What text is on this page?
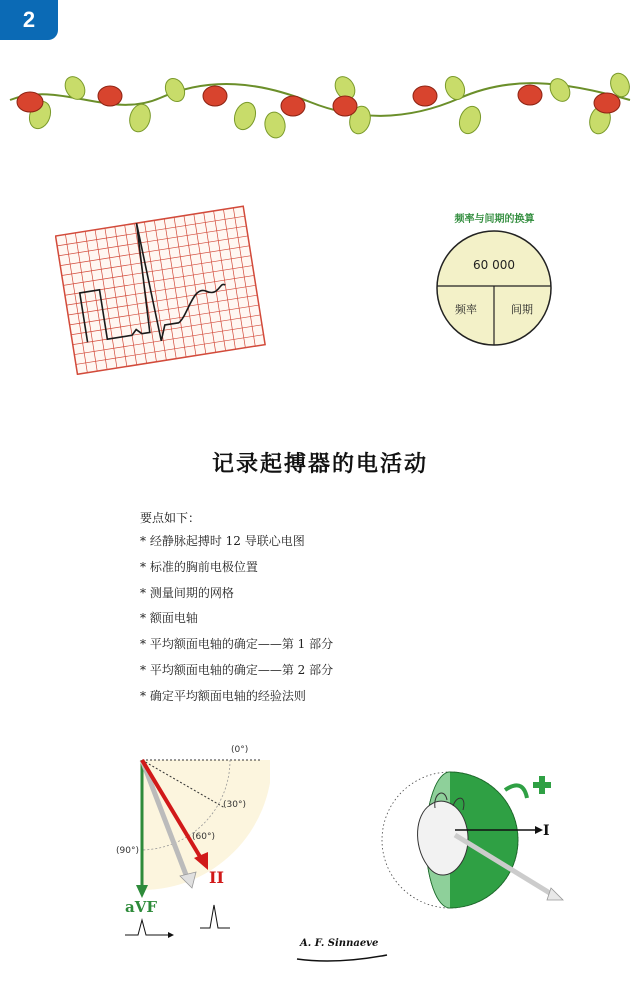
2
频率与间期的换算
60 000
频率	间期
记录起搏器的电活动
要点如下：
* 经静脉起搏时 12 导联心电图
* 标准的胸前电极位置
* 测量间期的网格
* 额面电轴
* 平均额面电轴的确定——第 1 部分
* 平均额面电轴的确定——第 2 部分
* 确定平均额面电轴的经验法则
(0°)
(30°)
(60°)
(90°)
aVF
II
I
A. F. Sinnaeve
